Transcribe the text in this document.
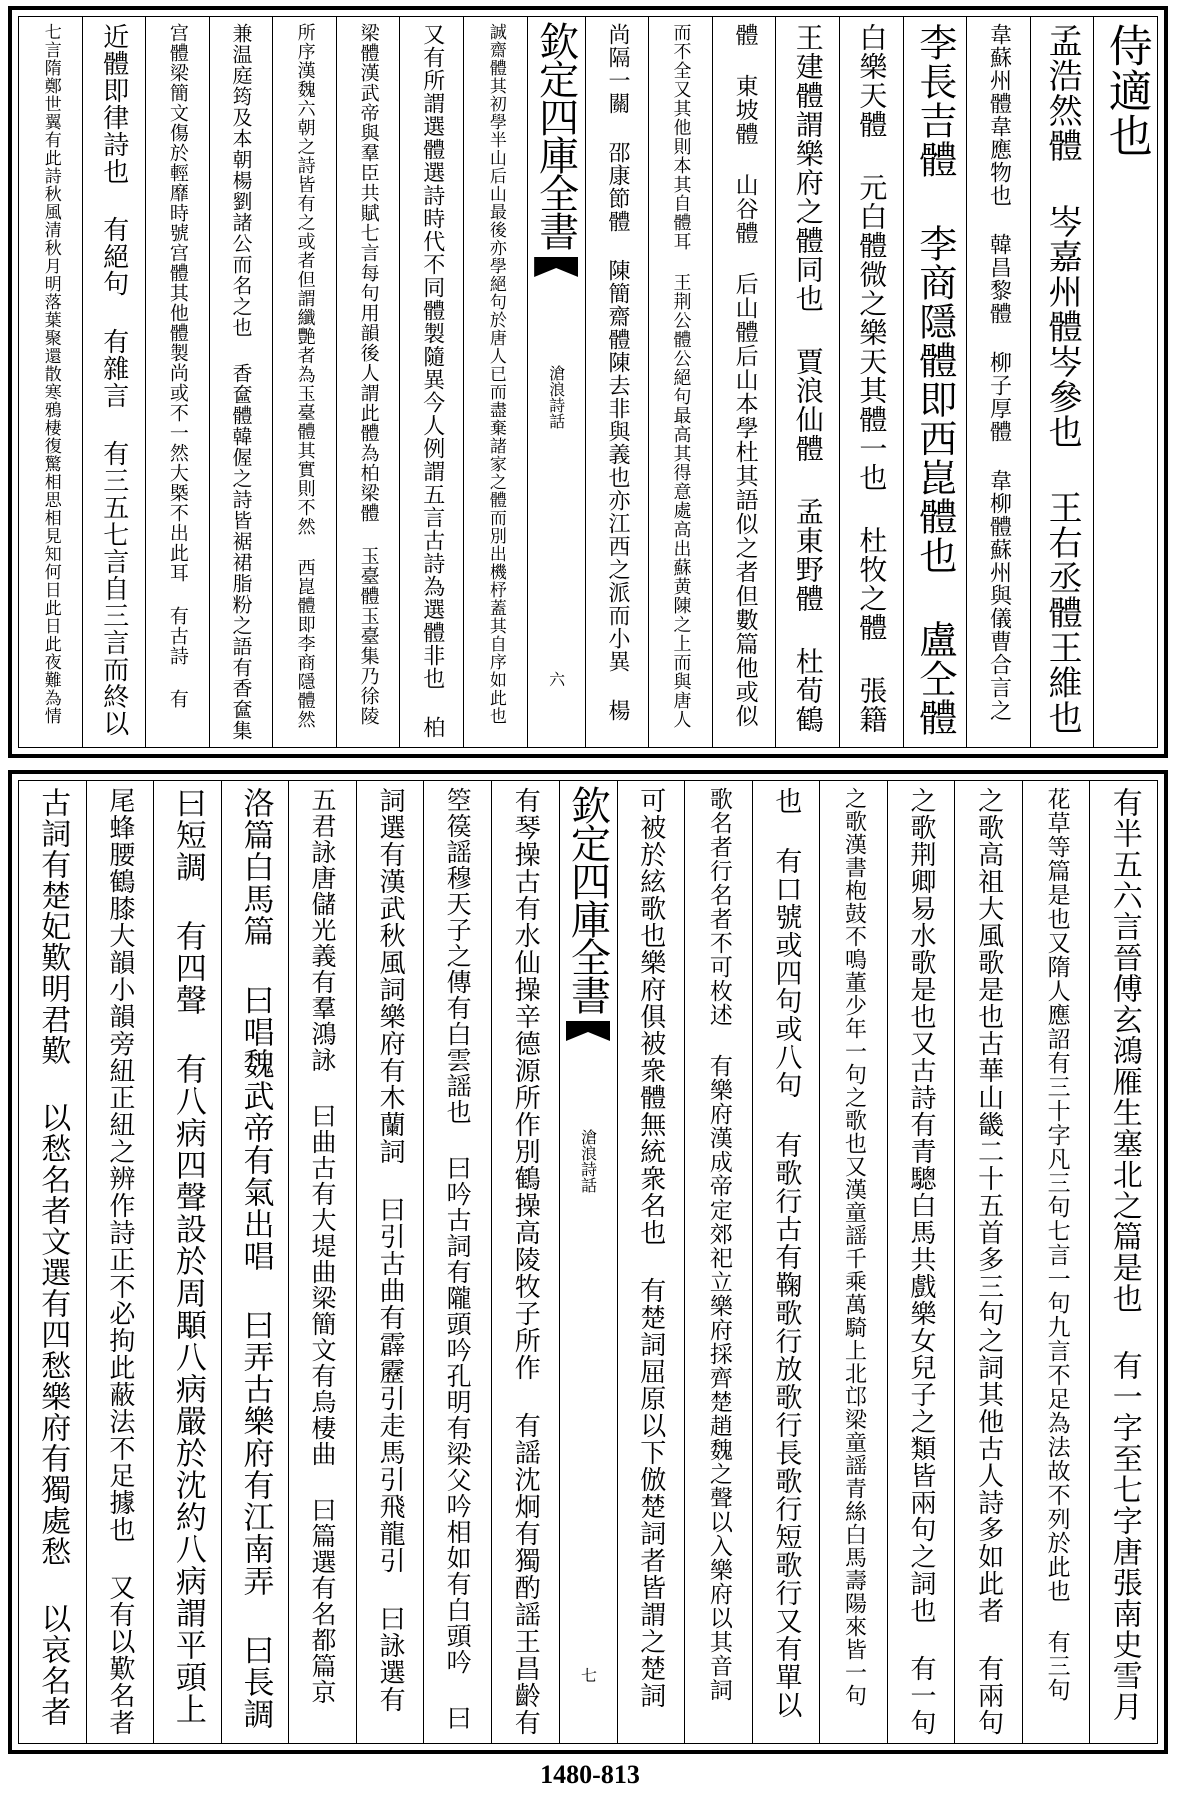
侍適也
孟浩然體 岑嘉州體岑參也 王右丞體王維也
韋蘇州體韋應物也 韓昌黎體 柳子厚體 韋柳體蘇州與儀曹合言之
李長吉體 李商隱體即西崑體也 盧仝體
白樂天體 元白體微之樂天其體一也 杜牧之體 張籍
王建體謂樂府之體同也 賈浪仙體 孟東野體 杜荀鶴
體 東坡體 山谷體 后山體后山本學杜其語似之者但數篇他或似
而不全又其他則本其自體耳 王荆公體公絕句最高其得意處高出蘇黄陳之上而與唐人
尚隔一關 邵康節體 陳簡齋體陳去非與義也亦江西之派而小異 楊
欽定四庫全書
滄浪詩話
六
誠齋體其初學半山后山最後亦學絕句於唐人已而盡棄諸家之體而別出機杼蓋其自序如此也
又有所謂選體選詩時代不同體製隨異今人例謂五言古詩為選體非也 柏
梁體漢武帝與羣臣共賦七言每句用韻後人謂此體為柏梁體 玉臺體玉臺集乃徐陵
所序漢魏六朝之詩皆有之或者但謂纖艷者為玉臺體其實則不然 西崑體即李商隱體然
兼温庭筠及本朝楊劉諸公而名之也 香奩體韓偓之詩皆裾裙脂粉之語有香奩集
宫體梁簡文傷於輕靡時號宫體其他體製尚或不一然大槩不出此耳 有古詩 有
近體即律詩也 有絕句 有雜言 有三五七言自三言而終以
七言隋鄭世翼有此詩秋風清秋月明落葉聚還散寒鴉棲復驚相思相見知何日此日此夜難為情
有半五六言晉傅玄鴻雁生塞北之篇是也 有一字至七字唐張南史雪月
花草等篇是也又隋人應詔有三十字凡三句七言一句九言不足為法故不列於此也 有三句
之歌高祖大風歌是也古華山畿二十五首多三句之詞其他古人詩多如此者 有兩句
之歌荆卿易水歌是也又古詩有青驄白馬共戲樂女兒子之類皆兩句之詞也 有一句
之歌漢書枹鼓不鳴董少年一句之歌也又漢童謡千乘萬騎上北邙梁童謡青絲白馬壽陽來皆一句
也 有口號或四句或八句 有歌行古有鞠歌行放歌行長歌行短歌行又有單以
歌名者行名者不可枚述 有樂府漢成帝定郊祀立樂府採齊楚趙魏之聲以入樂府以其音詞
可被於絃歌也樂府俱被衆體無統衆名也 有楚詞屈原以下倣楚詞者皆謂之楚詞
欽定四庫全書
滄浪詩話
七
有琴操古有水仙操辛德源所作別鶴操高陵牧子所作 有謡沈炯有獨酌謡王昌齡有
箜篌謡穆天子之傳有白雲謡也 曰吟古詞有隴頭吟孔明有梁父吟相如有白頭吟 曰
詞選有漢武秋風詞樂府有木蘭詞 曰引古曲有霹靂引走馬引飛龍引 曰詠選有
五君詠唐儲光義有羣鴻詠 曰曲古有大堤曲梁簡文有烏棲曲 曰篇選有名都篇京
洛篇白馬篇 曰唱魏武帝有氣出唱 曰弄古樂府有江南弄 曰長調
曰短調 有四聲 有八病四聲設於周顒八病嚴於沈約八病謂平頭上
尾蜂腰鶴膝大韻小韻旁紐正紐之辨作詩正不必拘此蔽法不足據也 又有以歎名者
古詞有楚妃歎明君歎 以愁名者文選有四愁樂府有獨處愁 以哀名者
1480-813
